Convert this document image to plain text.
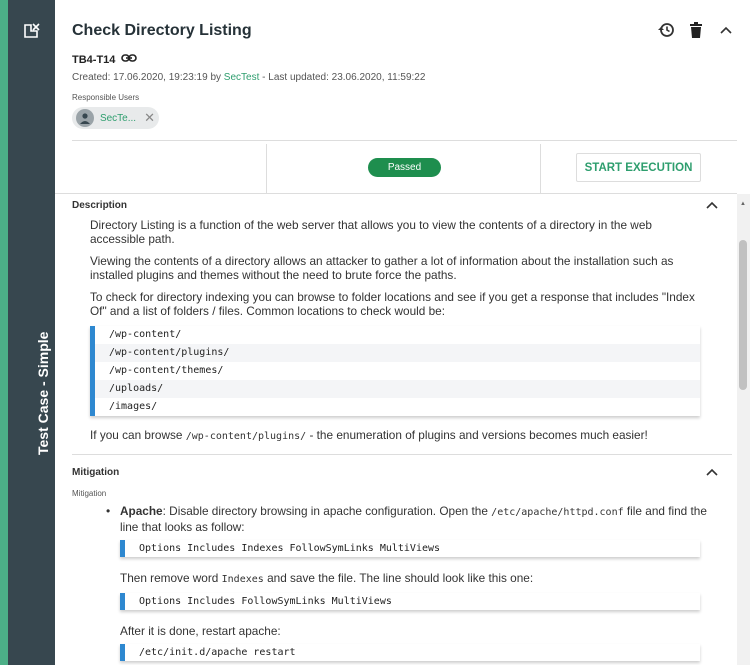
Test Case - Simple
Check Directory Listing
TB4-T14
Created: 17.06.2020, 19:23:19 by SecTest - Last updated: 23.06.2020, 11:59:22
Responsible Users
SecTe... ✕
Passed	START EXECUTION
Description

Directory Listing is a function of the web server that allows you to view the contents of a directory in the web accessible path.

Viewing the contents of a directory allows an attacker to gather a lot of information about the installation such as installed plugins and themes without the need to brute force the paths.

To check for directory indexing you can browse to folder locations and see if you get a response that includes "Index Of" and a list of folders / files. Common locations to check would be:

/wp-content/
/wp-content/plugins/
/wp-content/themes/
/uploads/
/images/

If you can browse /wp-content/plugins/ - the enumeration of plugins and versions becomes much easier!

Mitigation
Mitigation

• Apache: Disable directory browsing in apache configuration. Open the /etc/apache/httpd.conf file and find the line that looks as follow:

Options Includes Indexes FollowSymLinks MultiViews

Then remove word Indexes and save the file. The line should look like this one:

Options Includes FollowSymLinks MultiViews

After it is done, restart apache:

/etc/init.d/apache restart
▲
